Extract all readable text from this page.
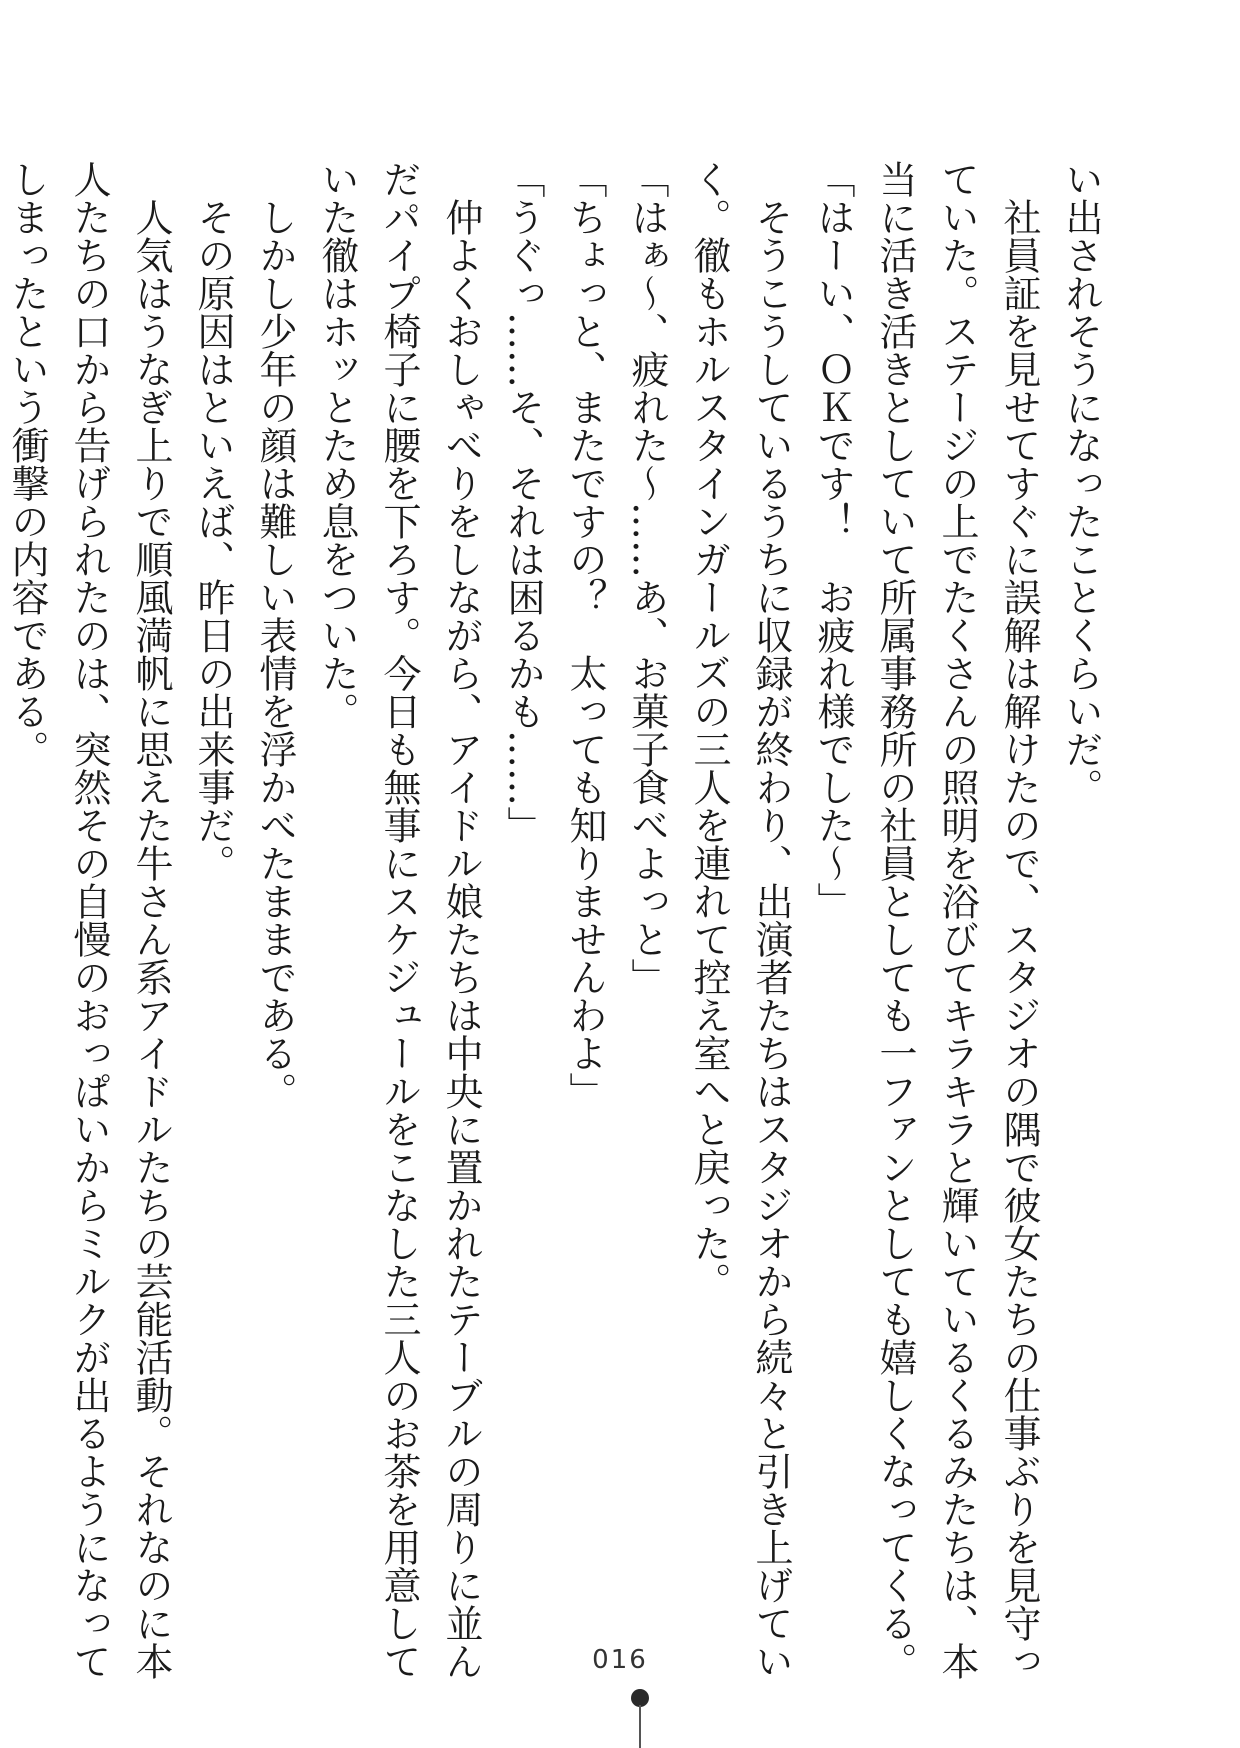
い出されそうになったことくらいだ。

　社員証を見せてすぐに誤解は解けたので、スタジオの隅で彼女たちの仕事ぶりを見守っ

ていた。ステージの上でたくさんの照明を浴びてキラキラと輝いているくるみたちは、本

当に活き活きとしていて所属事務所の社員としても一ファンとしても嬉しくなってくる。

「はーい、ＯＫです！　お疲れ様でした～」

　そうこうしているうちに収録が終わり、出演者たちはスタジオから続々と引き上げてい

く。徹もホルスタインガールズの三人を連れて控え室へと戻った。

「はぁ～、疲れた～……あ、お菓子食べよっと」

「ちょっと、またですの？　太っても知りませんわよ」

「うぐっ……そ、それは困るかも……」

　仲よくおしゃべりをしながら、アイドル娘たちは中央に置かれたテーブルの周りに並ん

だパイプ椅子に腰を下ろす。今日も無事にスケジュールをこなした三人のお茶を用意して

いた徹はホッとため息をついた。

　しかし少年の顔は難しい表情を浮かべたままである。

　その原因はといえば、昨日の出来事だ。

　人気はうなぎ上りで順風満帆に思えた牛さん系アイドルたちの芸能活動。それなのに本

人たちの口から告げられたのは、突然その自慢のおっぱいからミルクが出るようになって

しまったという衝撃の内容である。

016
